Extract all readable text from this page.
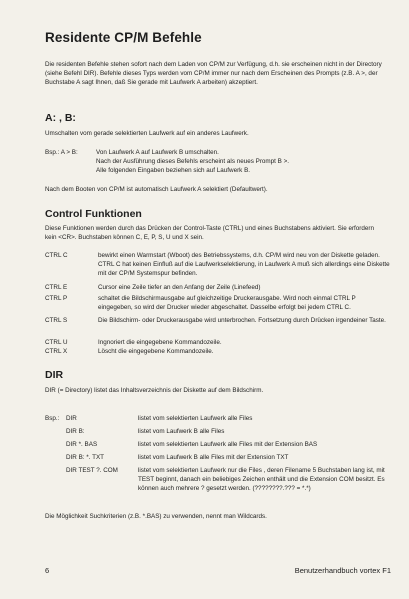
Residente CP/M Befehle

Die residenten Befehle stehen sofort nach dem Laden von CP/M zur Verfügung, d.h. sie erscheinen nicht in der Directory (siehe Befehl DIR). Befehle dieses Typs werden vom CP/M immer nur nach dem Erscheinen des Prompts (z.B. A >, der Buchstabe A sagt Ihnen, daß Sie gerade mit Laufwerk A arbeiten) akzeptiert.

A: , B:

Umschalten vom gerade selektierten Laufwerk auf ein anderes Laufwerk.

Bsp.: A > B:	Von Laufwerk A auf Laufwerk B umschalten.
Nach der Ausführung dieses Befehls erscheint als neues Prompt B >.
Alle folgenden Eingaben beziehen sich auf Laufwerk B.

Nach dem Booten von CP/M ist automatisch Laufwerk A selektiert (Defaultwert).

Control Funktionen

Diese Funktionen werden durch das Drücken der Control-Taste (CTRL) und eines Buchstabens aktiviert. Sie erfordern kein <CR>. Buchstaben können C, E, P, S, U und X sein.

CTRL C	bewirkt einen Warmstart (Wboot) des Betriebssystems, d.h. CP/M wird neu von der Diskette geladen. CTRL C hat keinen Einfluß auf die Laufwerkselektierung, in Laufwerk A muß sich allerdings eine Diskette mit der CP/M Systemspur befinden.
CTRL E	Cursor eine Zeile tiefer an den Anfang der Zeile (Linefeed)
CTRL P	schaltet die Bildschirmausgabe auf gleichzeitige Druckerausgabe. Wird noch einmal CTRL P eingegeben, so wird der Drucker wieder abgeschaltet. Dasselbe erfolgt bei jedem CTRL C.
CTRL S	Die Bildschirm- oder Druckerausgabe wird unterbrochen. Fortsetzung durch Drücken irgendeiner Taste.
CTRL U	Ingnoriert die eingegebene Kommandozeile.
CTRL X	Löscht die eingegebene Kommandozeile.
DIR

DIR (= Directory) listet das Inhaltsverzeichnis der Diskette auf dem Bildschirm.

Bsp.: DIR	listet vom selektierten Laufwerk alle Files
DIR B:	listet vom Laufwerk B alle Files
DIR *. BAS	listet vom selektierten Laufwerk alle Files mit der Extension BAS
DIR B: *. TXT	listet vom Laufwerk B alle Files mit der Extension TXT
DIR TEST ?. COM	listet vom selektierten Laufwerk nur die Files , deren Filename 5 Buchstaben lang ist, mit TEST beginnt, danach ein beliebiges Zeichen enthält und die Extension COM besitzt. Es können auch mehrere ? gesetzt werden. (????????.??? = *.*)

Die Möglichkeit Suchkriterien (z.B. *.BAS) zu verwenden, nennt man Wildcards.

6	Benutzerhandbuch vortex F1
